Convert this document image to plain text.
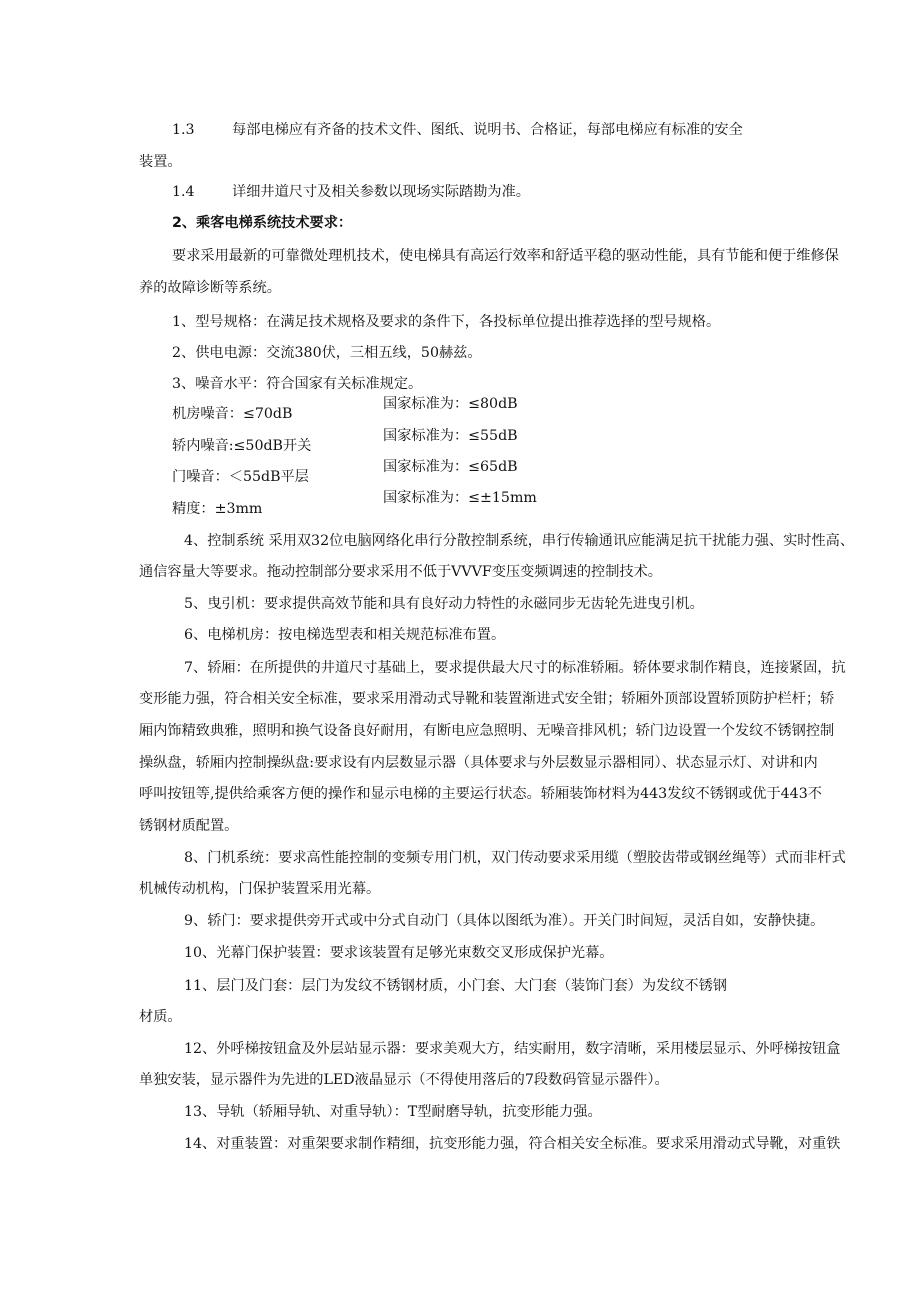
1.3	每部电梯应有齐备的技术文件、图纸、说明书、合格证，每部电梯应有标准的安全
装置。
1.4	详细井道尺寸及相关参数以现场实际踏勘为准。
2、乘客电梯系统技术要求：
要求采用最新的可靠微处理机技术，使电梯具有高运行效率和舒适平稳的驱动性能，具有节能和便于维修保
养的故障诊断等系统。
1、型号规格：在满足技术规格及要求的条件下，各投标单位提出推荐选择的型号规格。
2、供电电源：交流380伏，三相五线，50赫兹。
3、噪音水平：符合国家有关标准规定。
机房噪音：≤70dB
轿内噪音:≤50dB开关
门噪音：＜55dB平层
精度：±3mm
国家标准为：≤80dB
国家标准为：≤55dB
国家标准为：≤65dB
国家标准为：≤±15mm
4、控制系统 采用双32位电脑网络化串行分散控制系统，串行传输通讯应能满足抗干扰能力强、实时性高、
通信容量大等要求。拖动控制部分要求采用不低于VVVF变压变频调速的控制技术。
5、曳引机：要求提供高效节能和具有良好动力特性的永磁同步无齿轮先进曳引机。
6、电梯机房：按电梯选型表和相关规范标准布置。
7、轿厢：在所提供的井道尺寸基础上，要求提供最大尺寸的标准轿厢。轿体要求制作精良，连接紧固，抗
变形能力强，符合相关安全标准，要求采用滑动式导靴和装置渐进式安全钳；轿厢外顶部设置轿顶防护栏杆；轿
厢内饰精致典雅，照明和换气设备良好耐用，有断电应急照明、无噪音排风机；轿门边设置一个发纹不锈钢控制
操纵盘，轿厢内控制操纵盘:要求设有内层数显示器（具体要求与外层数显示器相同）、状态显示灯、对讲和内
呼叫按钮等,提供给乘客方便的操作和显示电梯的主要运行状态。轿厢装饰材料为443发纹不锈钢或优于443不
锈钢材质配置。
8、门机系统：要求高性能控制的变频专用门机，双门传动要求采用缆（塑胶齿带或钢丝绳等）式而非杆式
机械传动机构，门保护装置采用光幕。
9、轿门：要求提供旁开式或中分式自动门（具体以图纸为准）。开关门时间短，灵活自如，安静快捷。
10、光幕门保护装置：要求该装置有足够光束数交叉形成保护光幕。
11、层门及门套：层门为发纹不锈钢材质，小门套、大门套（装饰门套）为发纹不锈钢
材质。
12、外呼梯按钮盒及外层站显示器：要求美观大方，结实耐用，数字清晰，采用楼层显示、外呼梯按钮盒
单独安装，显示器件为先进的LED液晶显示（不得使用落后的7段数码管显示器件）。
13、导轨（轿厢导轨、对重导轨）：T型耐磨导轨，抗变形能力强。
14、对重装置：对重架要求制作精细，抗变形能力强，符合相关安全标准。要求采用滑动式导靴，对重铁
